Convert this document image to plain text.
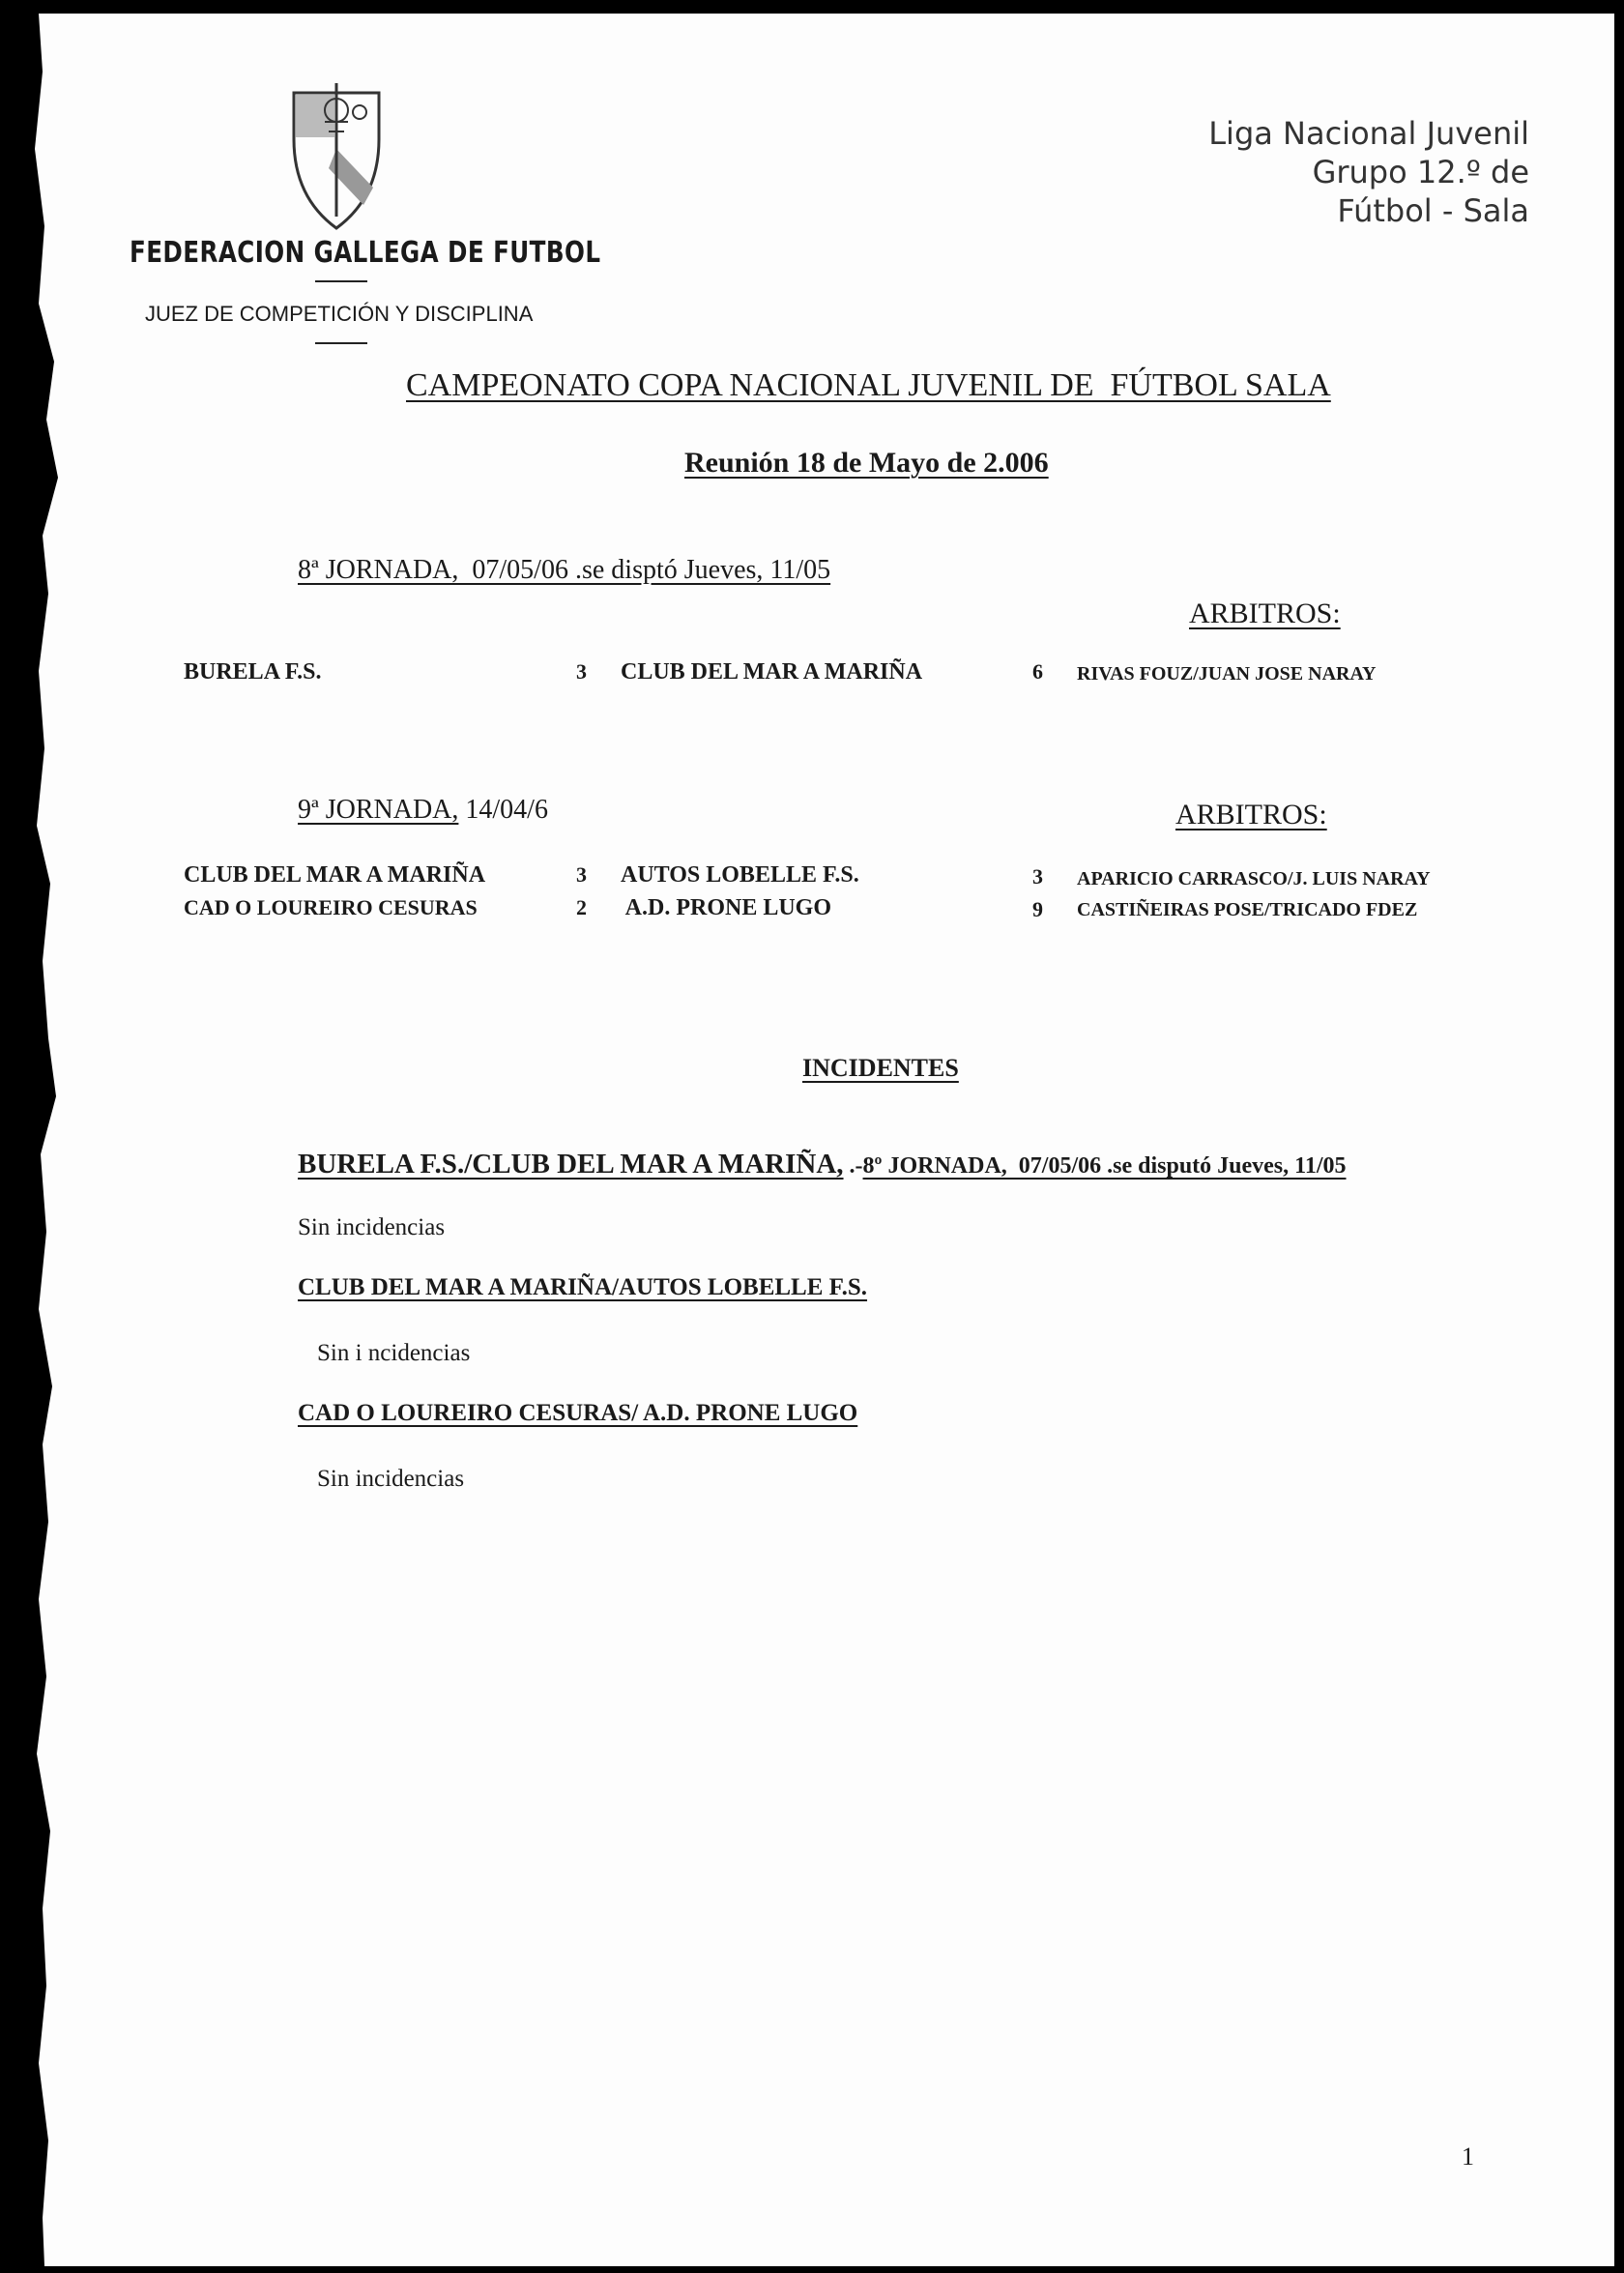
FEDERACION GALLEGA DE FUTBOL
JUEZ DE COMPETICIÓN Y DISCIPLINA
Liga Nacional Juvenil
Grupo 12.º de
Fútbol - Sala
CAMPEONATO COPA NACIONAL JUVENIL DE  FÚTBOL SALA
Reunión 18 de Mayo de 2.006
8ª JORNADA,  07/05/06 .se disptó Jueves, 11/05
ARBITROS:
BURELA F.S.	3 CLUB DEL MAR A MARIÑA	6 RIVAS FOUZ/JUAN JOSE NARAY
9ª JORNADA, 14/04/6	ARBITROS:
CLUB DEL MAR A MARIÑA	3 AUTOS LOBELLE F.S.	3 APARICIO CARRASCO/J. LUIS NARAY
CAD O LOUREIRO CESURAS	2 A.D. PRONE LUGO	9 CASTIÑEIRAS POSE/TRICADO FDEZ
INCIDENTES
BURELA F.S./CLUB DEL MAR A MARIÑA, .-8º JORNADA,  07/05/06 .se disputó Jueves, 11/05
Sin incidencias
CLUB DEL MAR A MARIÑA/AUTOS LOBELLE F.S.
Sin i ncidencias
CAD O LOUREIRO CESURAS/ A.D. PRONE LUGO
Sin incidencias
1
